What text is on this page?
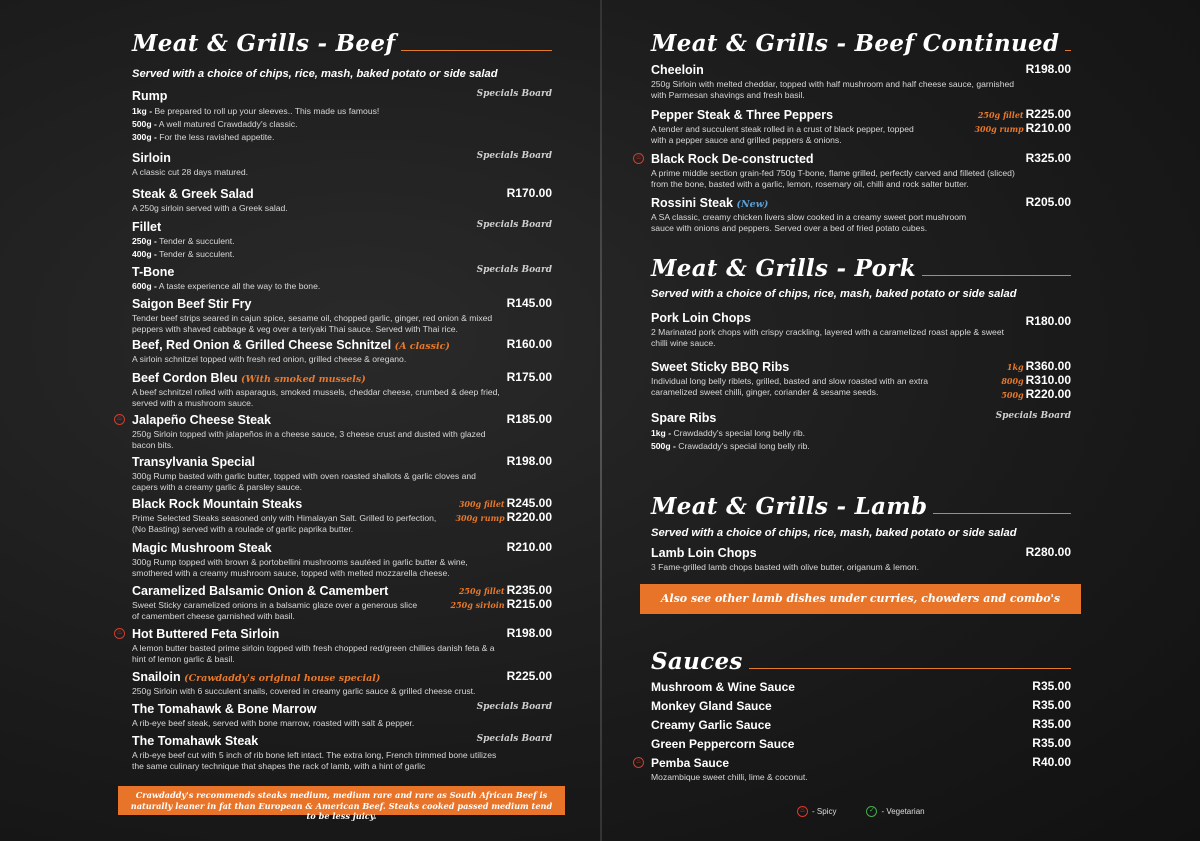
Meat & Grills - Beef
Served with a choice of chips, rice, mash, baked potato or side salad
Rump	Specials Board
1kg - Be prepared to roll up your sleeves.. This made us famous!
500g - A well matured Crawdaddy's classic.
300g - For the less ravished appetite.
Sirloin	Specials Board
A classic cut 28 days matured.
Steak & Greek Salad	R170.00
A 250g sirloin served with a Greek salad.
Fillet	Specials Board
250g - Tender & succulent.
400g - Tender & succulent.
T-Bone	Specials Board
600g - A taste experience all the way to the bone.
Saigon Beef Stir Fry	R145.00
Tender beef strips seared in cajun spice, sesame oil, chopped garlic, ginger, red onion & mixed peppers with shaved cabbage & veg over a teriyaki Thai sauce. Served with Thai rice.
Beef, Red Onion & Grilled Cheese Schnitzel (A classic)	R160.00
A sirloin schnitzel topped with fresh red onion, grilled cheese & oregano.
Beef Cordon Bleu (With smoked mussels)	R175.00
A beef schnitzel rolled with asparagus, smoked mussels, cheddar cheese, crumbed & deep fried, served with a mushroom sauce.
♨ Jalapeño Cheese Steak	R185.00
250g Sirloin topped with jalapeños in a cheese sauce, 3 cheese crust and dusted with glazed bacon bits.
Transylvania Special	R198.00
300g Rump basted with garlic butter, topped with oven roasted shallots & garlic cloves and capers with a creamy garlic & parsley sauce.
Black Rock Mountain Steaks	300g fillet R245.00
300g rump R220.00
Prime Selected Steaks seasoned only with Himalayan Salt. Grilled to perfection, (No Basting) served with a roulade of garlic paprika butter.
Magic Mushroom Steak	R210.00
300g Rump topped with brown & portobellini mushrooms sautéed in garlic butter & wine, smothered with a creamy mushroom sauce, topped with melted mozzarella cheese.
Caramelized Balsamic Onion & Camembert	250g fillet R235.00
250g sirloin R215.00
Sweet Sticky caramelized onions in a balsamic glaze over a generous slice of camembert cheese garnished with basil.
♨ Hot Buttered Feta Sirloin	R198.00
A lemon butter basted prime sirloin topped with fresh chopped red/green chillies danish feta & a hint of lemon garlic & basil.
Snailoin (Crawdaddy's original house special)	R225.00
250g Sirloin with 6 succulent snails, covered in creamy garlic sauce & grilled cheese crust.
The Tomahawk & Bone Marrow	Specials Board
A rib-eye beef steak, served with bone marrow, roasted with salt & pepper.
The Tomahawk Steak	Specials Board
A rib-eye beef cut with 5 inch of rib bone left intact. The extra long, French trimmed bone utilizes the same culinary technique that shapes the rack of lamb, with a hint of garlic
Crawdaddy's recommends steaks medium, medium rare and rare as South African Beef is naturally leaner in fat than European & American Beef. Steaks cooked passed medium tend to be less juicy.
Meat & Grills - Beef Continued
Cheeloin	R198.00
250g Sirloin with melted cheddar, topped with half mushroom and half cheese sauce, garnished with Parmesan shavings and fresh basil.
Pepper Steak & Three Peppers	250g fillet R225.00
300g rump R210.00
A tender and succulent steak rolled in a crust of black pepper, topped with a pepper sauce and grilled peppers & onions.
♨ Black Rock De-constructed	R325.00
A prime middle section grain-fed 750g T-bone, flame grilled, perfectly carved and filleted (sliced) from the bone, basted with a garlic, lemon, rosemary oil, chilli and rock salter butter.
Rossini Steak (New)	R205.00
A SA classic, creamy chicken livers slow cooked in a creamy sweet port mushroom sauce with onions and peppers. Served over a bed of fried potato cubes.
Meat & Grills - Pork
Served with a choice of chips, rice, mash, baked potato or side salad
Pork Loin Chops	R180.00
2 Marinated pork chops with crispy crackling, layered with a caramelized roast apple & sweet chilli wine sauce.
Sweet Sticky BBQ Ribs	1kg R360.00
800g R310.00
500g R220.00
Individual long belly riblets, grilled, basted and slow roasted with an extra caramelized sweet chilli, ginger, coriander & sesame seeds.
Spare Ribs	Specials Board
1kg - Crawdaddy's special long belly rib.
500g - Crawdaddy's special long belly rib.
Meat & Grills - Lamb
Served with a choice of chips, rice, mash, baked potato or side salad
Lamb Loin Chops	R280.00
3 Fame-grilled lamb chops basted with olive butter, origanum & lemon.
Also see other lamb dishes under curries, chowders and combo's
Sauces
Mushroom & Wine Sauce	R35.00
Monkey Gland Sauce	R35.00
Creamy Garlic Sauce	R35.00
Green Peppercorn Sauce	R35.00
♨ Pemba Sauce	R40.00
Mozambique sweet chilli, lime & coconut.
♨ - Spicy	✓ - Vegetarian
